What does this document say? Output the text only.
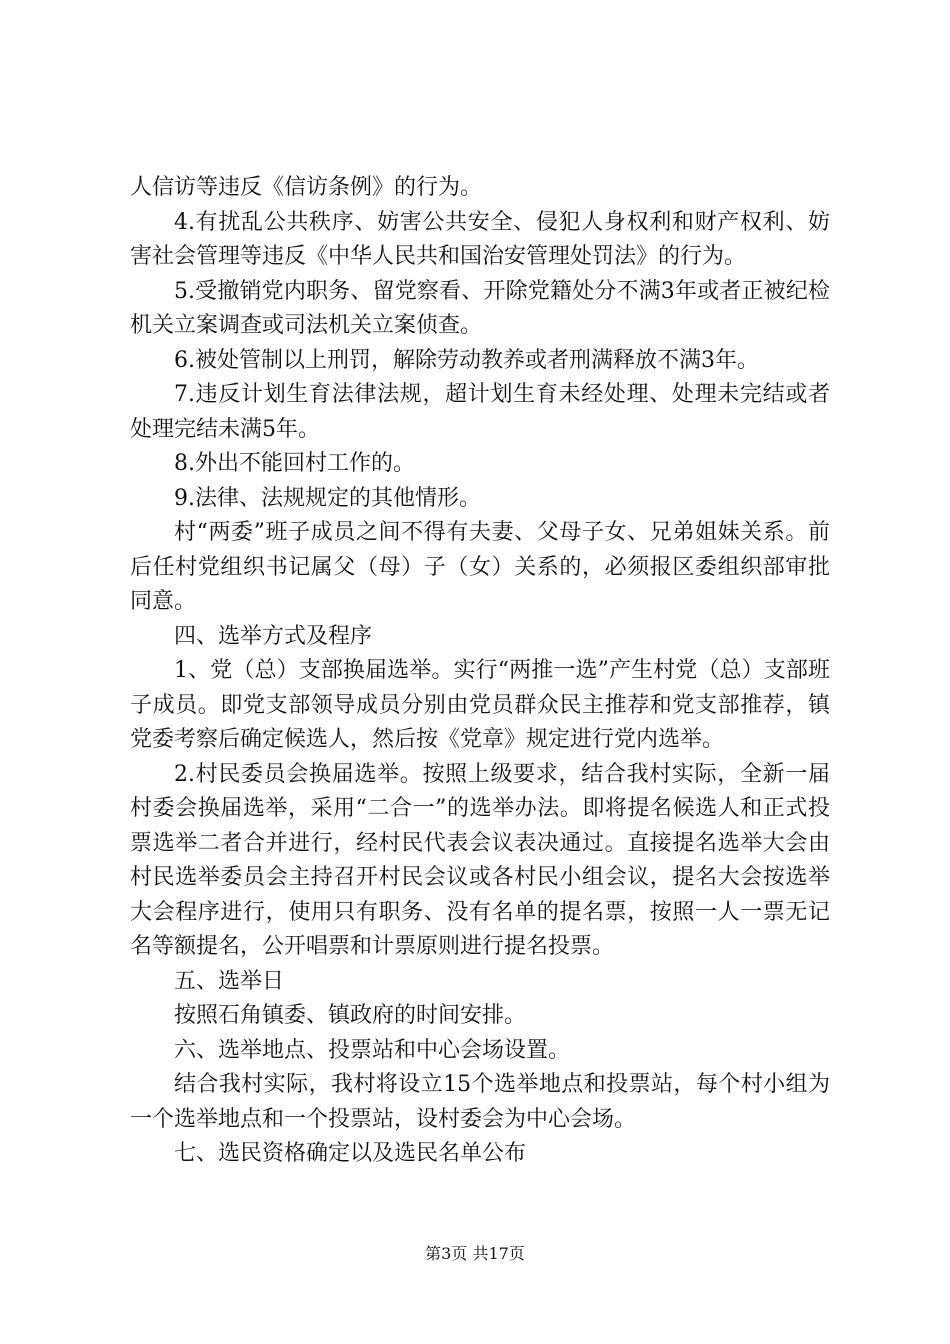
人信访等违反《信访条例》的行为。

4.有扰乱公共秩序、妨害公共安全、侵犯人身权利和财产权利、妨害社会管理等违反《中华人民共和国治安管理处罚法》的行为。

5.受撤销党内职务、留党察看、开除党籍处分不满3年或者正被纪检机关立案调查或司法机关立案侦查。

6.被处管制以上刑罚，解除劳动教养或者刑满释放不满3年。

7.违反计划生育法律法规，超计划生育未经处理、处理未完结或者处理完结未满5年。

8.外出不能回村工作的。

9.法律、法规规定的其他情形。

村“两委”班子成员之间不得有夫妻、父母子女、兄弟姐妹关系。前后任村党组织书记属父（母）子（女）关系的，必须报区委组织部审批同意。

四、选举方式及程序

1、党（总）支部换届选举。实行“两推一选”产生村党（总）支部班子成员。即党支部领导成员分别由党员群众民主推荐和党支部推荐，镇党委考察后确定候选人，然后按《党章》规定进行党内选举。

2.村民委员会换届选举。按照上级要求，结合我村实际，全新一届村委会换届选举，采用“二合一”的选举办法。即将提名候选人和正式投票选举二者合并进行，经村民代表会议表决通过。直接提名选举大会由村民选举委员会主持召开村民会议或各村民小组会议，提名大会按选举大会程序进行，使用只有职务、没有名单的提名票，按照一人一票无记名等额提名，公开唱票和计票原则进行提名投票。

五、选举日

按照石角镇委、镇政府的时间安排。

六、选举地点、投票站和中心会场设置。

结合我村实际，我村将设立15个选举地点和投票站，每个村小组为一个选举地点和一个投票站，设村委会为中心会场。

七、选民资格确定以及选民名单公布

第3页 共17页
